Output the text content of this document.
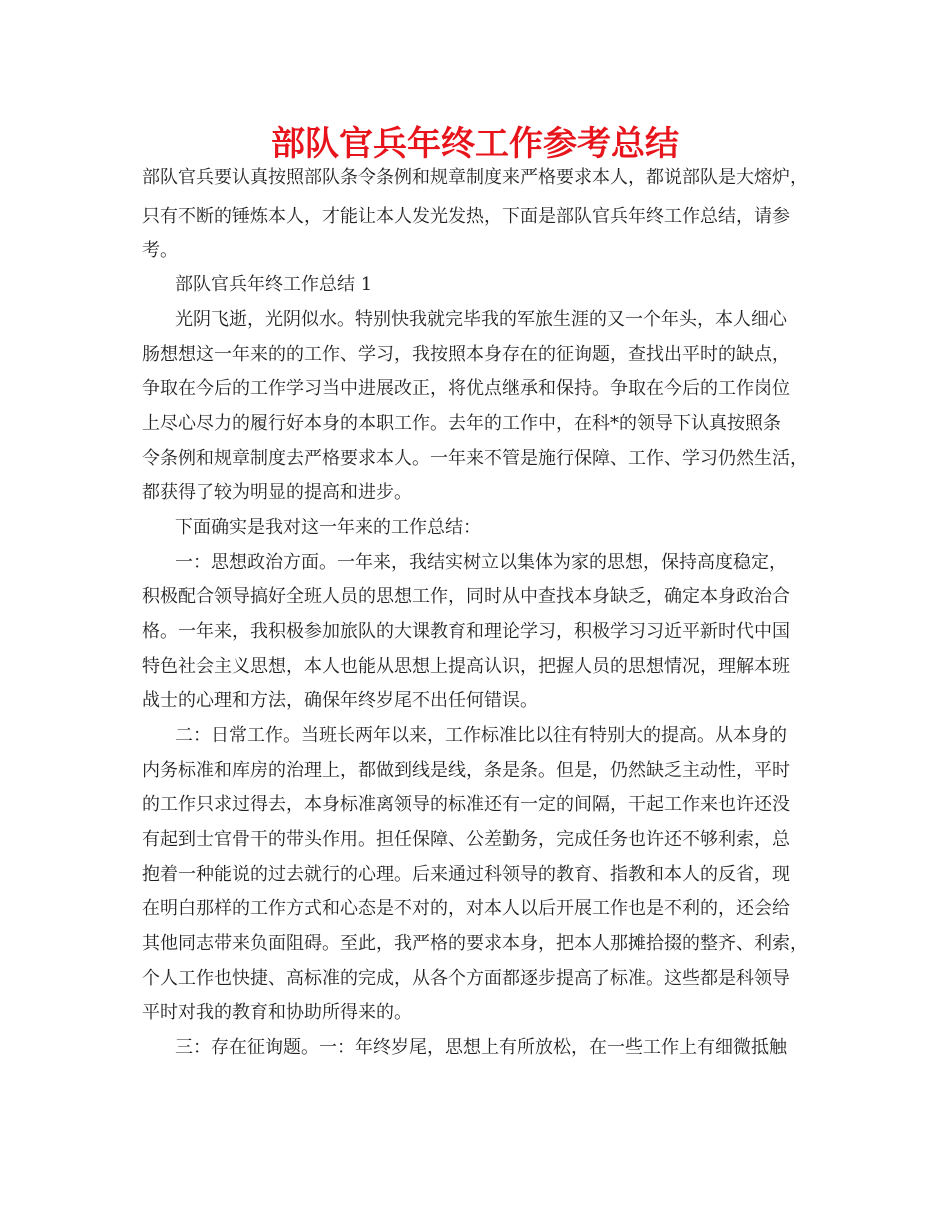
部队官兵年终工作参考总结

部队官兵要认真按照部队条令条例和规章制度来严格要求本人，都说部队是大熔炉，

只有不断的锤炼本人，才能让本人发光发热，下面是部队官兵年终工作总结，请参

考。

部队官兵年终工作总结 1

光阴飞逝，光阴似水。特别快我就完毕我的军旅生涯的又一个年头，本人细心

肠想想这一年来的的工作、学习，我按照本身存在的征询题，查找出平时的缺点，

争取在今后的工作学习当中进展改正，将优点继承和保持。争取在今后的工作岗位

上尽心尽力的履行好本身的本职工作。去年的工作中，在科*的领导下认真按照条

令条例和规章制度去严格要求本人。一年来不管是施行保障、工作、学习仍然生活，

都获得了较为明显的提高和进步。

下面确实是我对这一年来的工作总结：

一：思想政治方面。一年来，我结实树立以集体为家的思想，保持高度稳定，

积极配合领导搞好全班人员的思想工作，同时从中查找本身缺乏，确定本身政治合

格。一年来，我积极参加旅队的大课教育和理论学习，积极学习习近平新时代中国

特色社会主义思想，本人也能从思想上提高认识，把握人员的思想情况，理解本班

战士的心理和方法，确保年终岁尾不出任何错误。

二：日常工作。当班长两年以来，工作标准比以往有特别大的提高。从本身的

内务标准和库房的治理上，都做到线是线，条是条。但是，仍然缺乏主动性，平时

的工作只求过得去，本身标准离领导的标准还有一定的间隔，干起工作来也许还没

有起到士官骨干的带头作用。担任保障、公差勤务，完成任务也许还不够利索，总

抱着一种能说的过去就行的心理。后来通过科领导的教育、指教和本人的反省，现

在明白那样的工作方式和心态是不对的，对本人以后开展工作也是不利的，还会给

其他同志带来负面阻碍。至此，我严格的要求本身，把本人那摊拾掇的整齐、利索，

个人工作也快捷、高标准的完成，从各个方面都逐步提高了标准。这些都是科领导

平时对我的教育和协助所得来的。

三：存在征询题。一：年终岁尾，思想上有所放松，在一些工作上有细微抵触
